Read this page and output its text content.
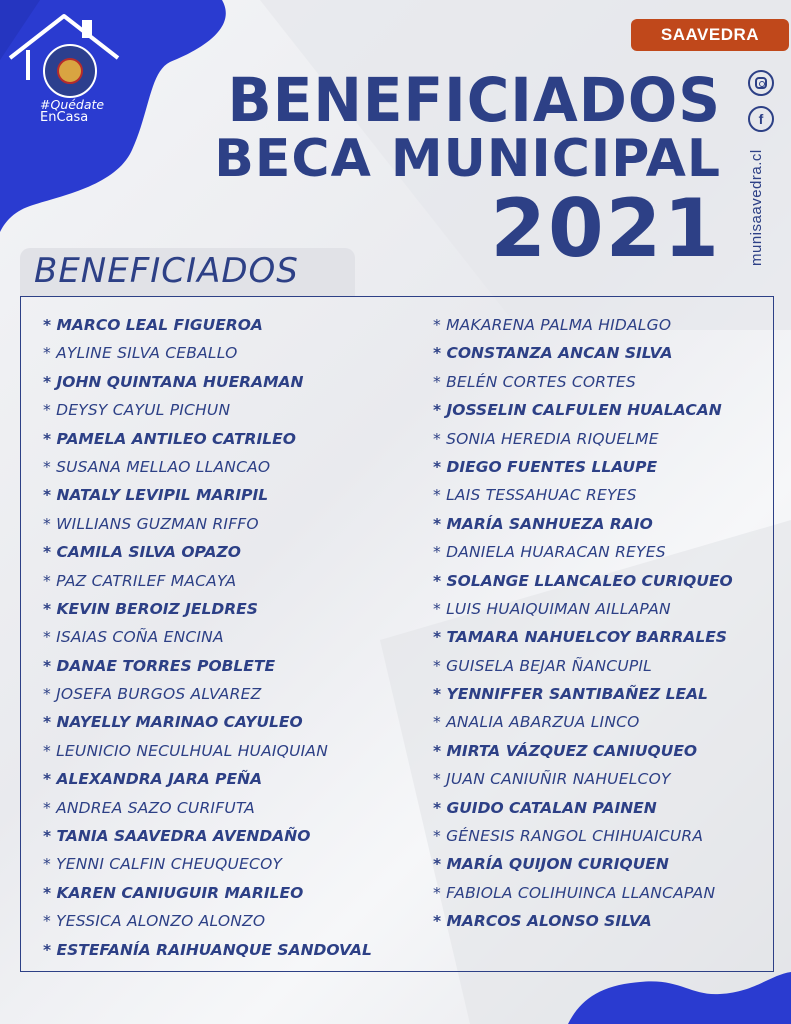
#Quédate
EnCasa
SAAVEDRA
BENEFICIADOS
BECA MUNICIPAL
2021
f
munisaavedra.cl
BENEFICIADOS
* MARCO LEAL FIGUEROA
* AYLINE SILVA CEBALLO
* JOHN QUINTANA HUERAMAN
* DEYSY CAYUL PICHUN
* PAMELA ANTILEO CATRILEO
* SUSANA MELLAO LLANCAO
* NATALY LEVIPIL MARIPIL
* WILLIANS GUZMAN RIFFO
* CAMILA SILVA OPAZO
* PAZ CATRILEF MACAYA
* KEVIN BEROIZ JELDRES
* ISAIAS COÑA ENCINA
* DANAE TORRES POBLETE
* JOSEFA BURGOS ALVAREZ
* NAYELLY MARINAO CAYULEO
* LEUNICIO NECULHUAL HUAIQUIAN
* ALEXANDRA JARA PEÑA
* ANDREA SAZO CURIFUTA
* TANIA SAAVEDRA AVENDAÑO
* YENNI CALFIN CHEUQUECOY
* KAREN CANIUGUIR MARILEO
* YESSICA ALONZO ALONZO
* ESTEFANÍA RAIHUANQUE SANDOVAL
* MAKARENA PALMA HIDALGO
* CONSTANZA ANCAN SILVA
* BELÉN CORTES CORTES
* JOSSELIN CALFULEN HUALACAN
* SONIA HEREDIA RIQUELME
* DIEGO FUENTES LLAUPE
* LAIS TESSAHUAC REYES
* MARÍA SANHUEZA RAIO
* DANIELA HUARACAN REYES
* SOLANGE LLANCALEO CURIQUEO
* LUIS HUAIQUIMAN AILLAPAN
* TAMARA NAHUELCOY BARRALES
* GUISELA BEJAR ÑANCUPIL
* YENNIFFER SANTIBAÑEZ LEAL
* ANALIA ABARZUA LINCO
* MIRTA VÁZQUEZ CANIUQUEO
* JUAN CANIUÑIR NAHUELCOY
* GUIDO CATALAN PAINEN
* GÉNESIS RANGOL CHIHUAICURA
* MARÍA QUIJON CURIQUEN
* FABIOLA COLIHUINCA LLANCAPAN
* MARCOS ALONSO SILVA
